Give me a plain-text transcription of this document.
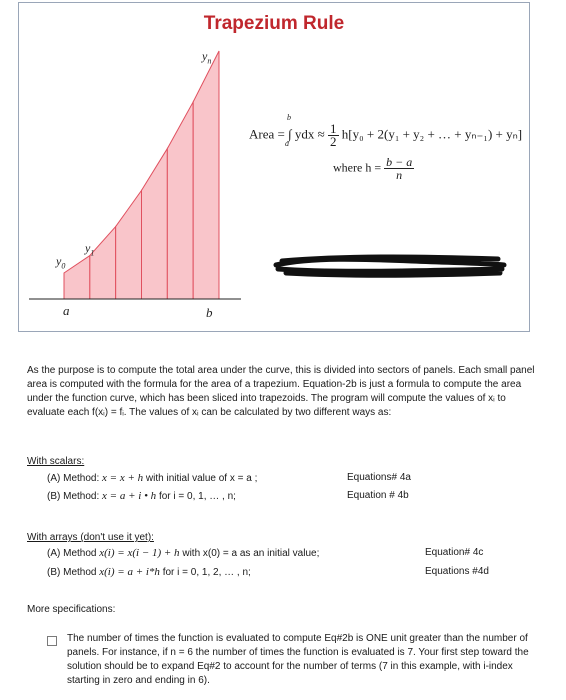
Trapezium Rule
$y_n$
$y_1$
$y_0$
a	b
Area = ∫ ydx ≈ $\frac{1}{2} h[y_0 + 2(y_1 + y_2$ + … + yₙ₋₁) + yₙ]
b
a
where $h = \frac{b - a}{n}$
As the purpose is to compute the total area under the curve, this is divided into sectors of panels. Each small panel area is computed with the formula for the area of a trapezium. Equation-2b is just a formula to compute the area under the function curve, which has been sliced into trapezoids. The program will compute the values of xᵢ to evaluate each f(xᵢ) = fᵢ. The values of xᵢ can be calculated by two different ways as:
With scalars:
(A) Method: x = x + h with initial value of x = a ;	Equations# 4a
(B) Method: x = a + i • h for i = 0, 1, … , n;	Equation # 4b
With arrays (don't use it yet):
(A) Method x(i) = x(i − 1) + h with x(0) = a as an initial value;	Equation# 4c
(B) Method x(i) = a + i*h for i = 0, 1, 2, … , n;	Equations #4d
More specifications:
The number of times the function is evaluated to compute Eq#2b is ONE unit greater than the number of panels. For instance, if n = 6 the number of times the function is evaluated is 7. Your first step toward the solution should be to expand Eq#2 to account for the number of terms (7 in this example, with i-index starting in zero and ending in 6).
